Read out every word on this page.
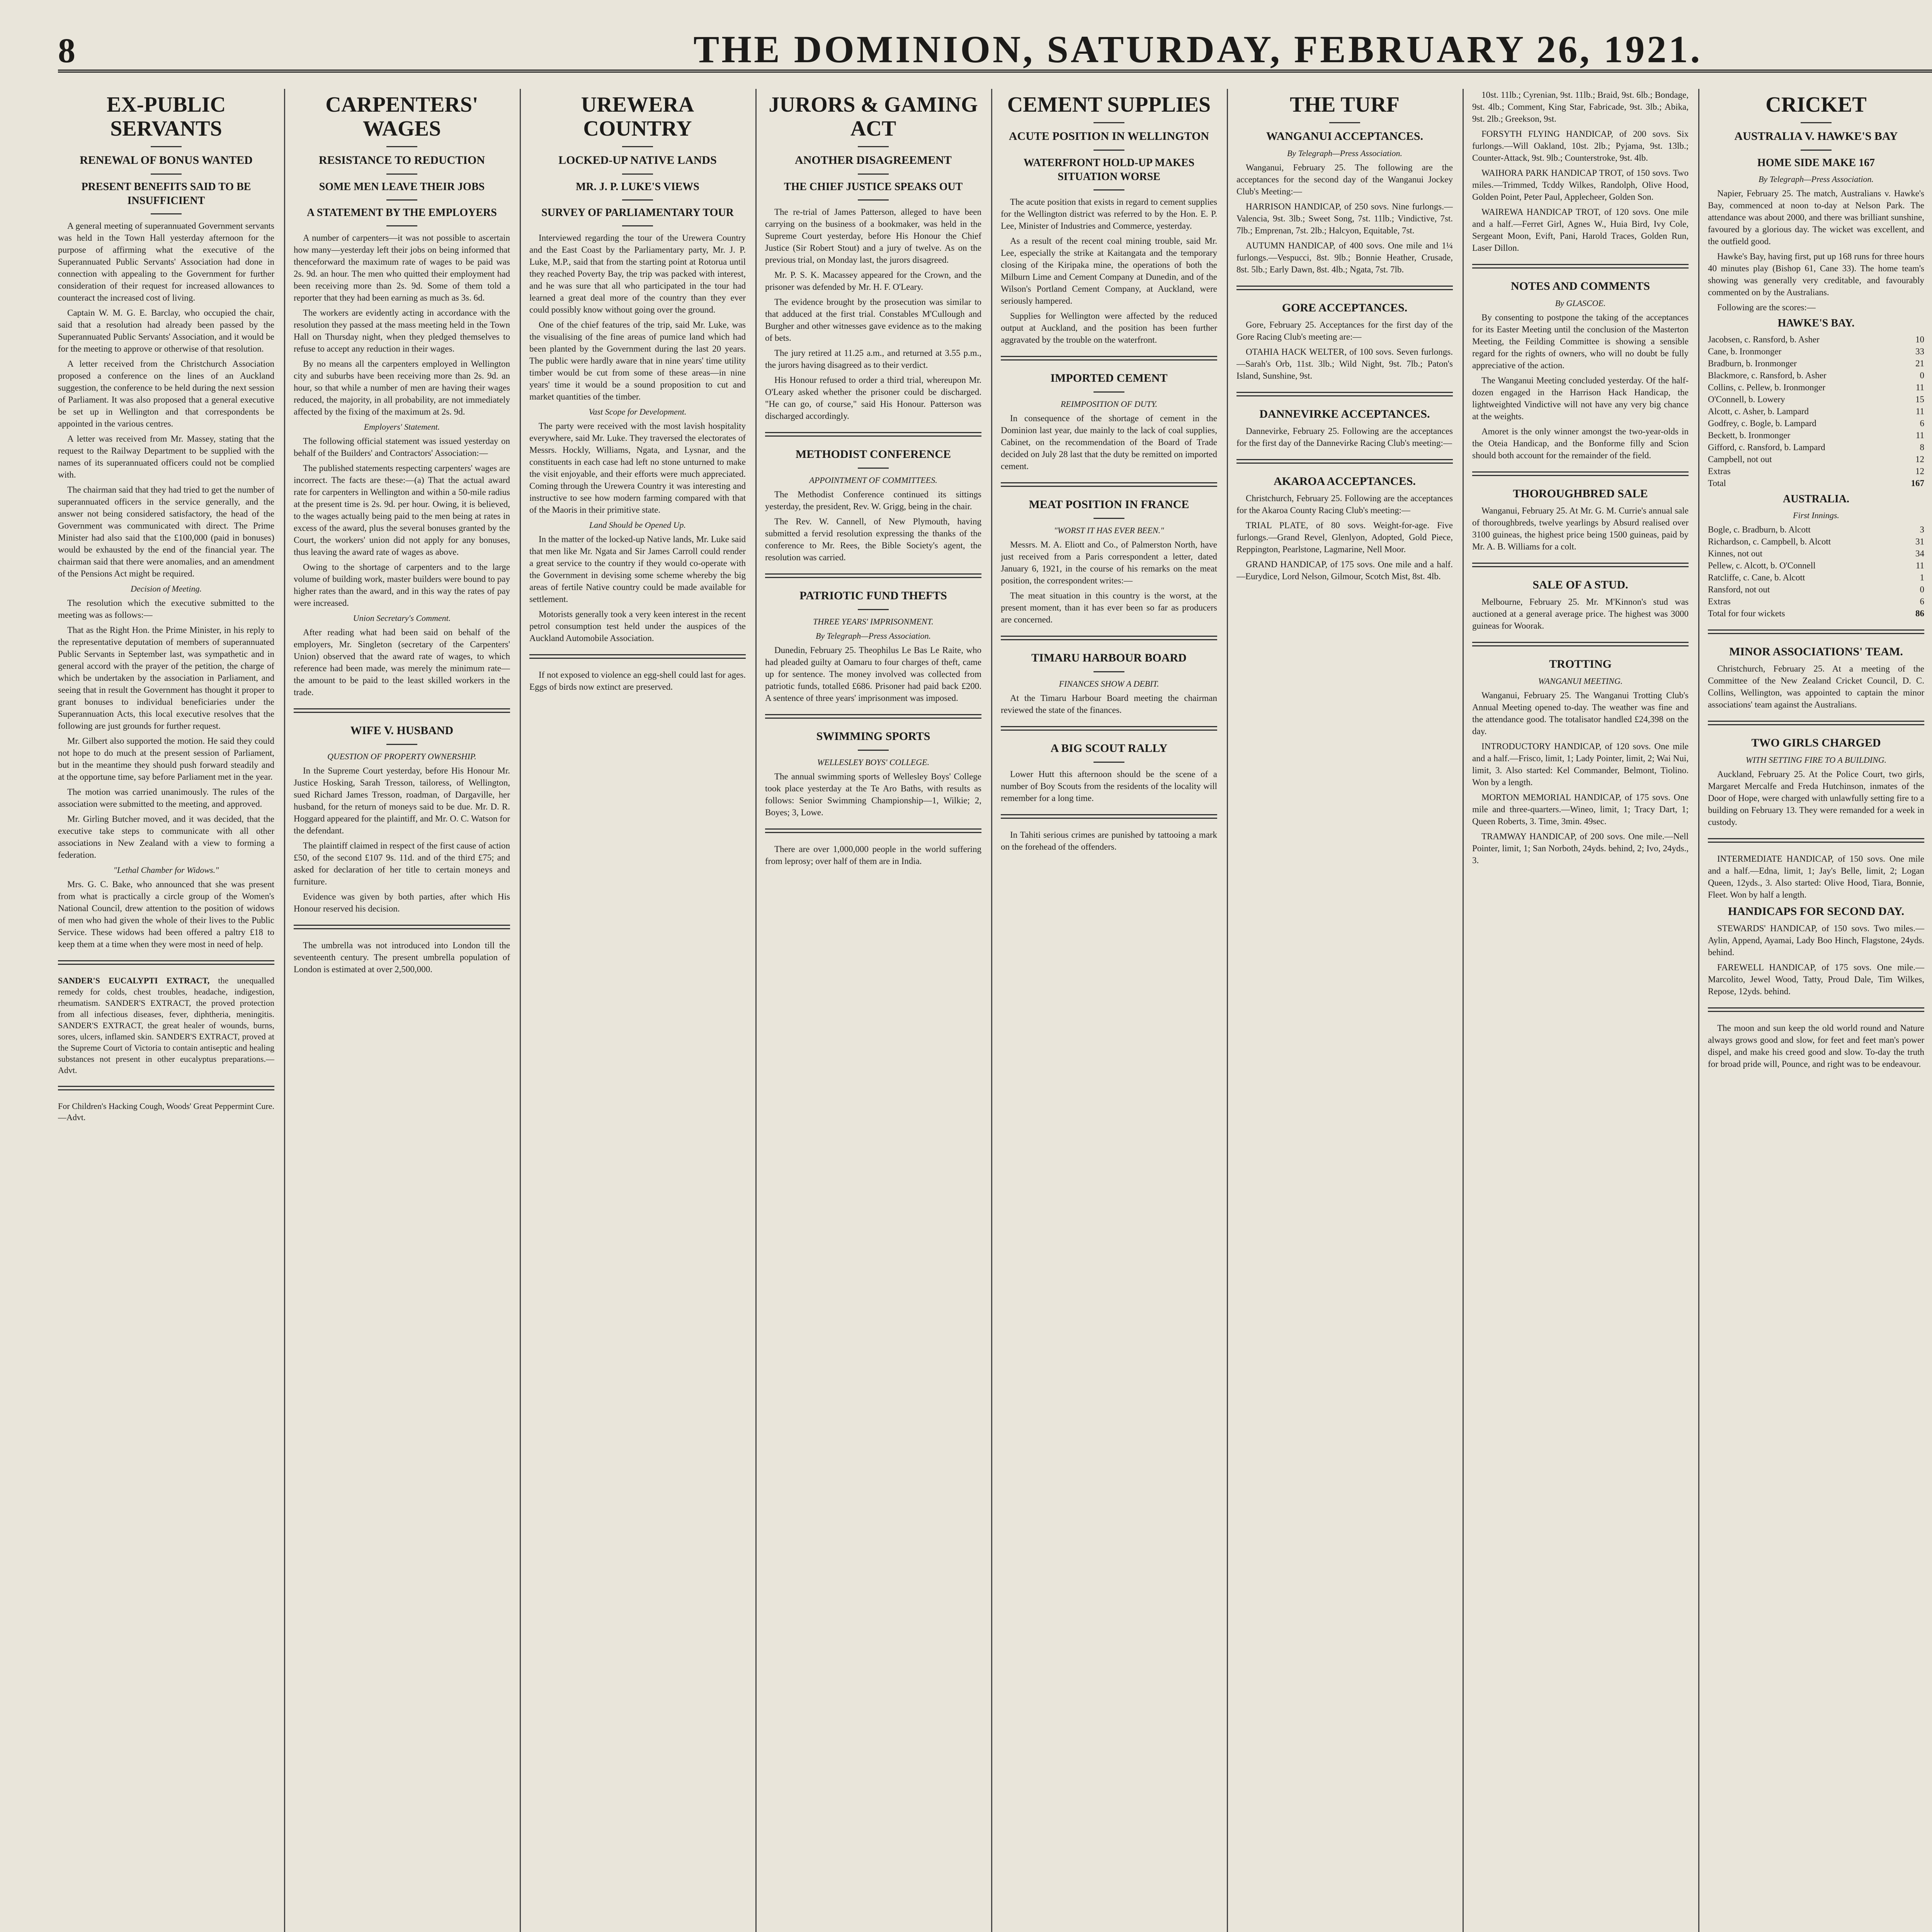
8	THE DOMINION, SATURDAY, FEBRUARY 26, 1921.
EX-PUBLIC SERVANTS
RENEWAL OF BONUS WANTED
PRESENT BENEFITS SAID TO BE INSUFFICIENT

A general meeting of superannuated Government servants was held in the Town Hall yesterday afternoon for the purpose of affirming what the executive of the Superannuated Public Servants' Association had done in connection with appealing to the Government for further consideration of their request for increased allowances to counteract the increased cost of living.

Captain W. M. G. E. Barclay, who occupied the chair, said that a resolution had already been passed by the Superannuated Public Servants' Association, and it would be for the meeting to approve or otherwise of that resolution.

A letter received from the Christchurch Association proposed a conference on the lines of an Auckland suggestion, the conference to be held during the next session of Parliament. It was also proposed that a general executive be set up in Wellington and that correspondents be appointed in the various centres.

A letter was received from Mr. Massey, stating that the request to the Railway Department to be supplied with the names of its superannuated officers could not be complied with.

The chairman said that they had tried to get the number of superannuated officers in the service generally, and the answer not being considered satisfactory, the head of the Government was communicated with direct. The Prime Minister had also said that the £100,000 (paid in bonuses) would be exhausted by the end of the financial year. The chairman said that there were anomalies, and an amendment of the Pensions Act might be required.

Decision of Meeting.

The resolution which the executive submitted to the meeting was as follows:—

That as the Right Hon. the Prime Minister, in his reply to the representative deputation of members of superannuated Public Servants in September last, was sympathetic and in general accord with the prayer of the petition, the charge of which be undertaken by the association in Parliament, and seeing that in result the Government has thought it proper to grant bonuses to individual beneficiaries under the Superannuation Acts, this local executive resolves that the following are just grounds for further request.

Mr. Gilbert also supported the motion. He said they could not hope to do much at the present session of Parliament, but in the meantime they should push forward steadily and at the opportune time, say before Parliament met in the year.

The motion was carried unanimously. The rules of the association were submitted to the meeting, and approved.

Mr. Girling Butcher moved, and it was decided, that the executive take steps to communicate with all other associations in New Zealand with a view to forming a federation.

"Lethal Chamber for Widows."

Mrs. G. C. Bake, who announced that she was present from what is practically a circle group of the Women's National Council, drew attention to the position of widows of men who had given the whole of their lives to the Public Service. These widows had been offered a paltry £18 to keep them at a time when they were most in need of help.

SANDER'S EUCALYPTI EXTRACT, the unequalled remedy for colds, chest troubles, headache, indigestion, rheumatism. SANDER'S EXTRACT, the proved protection from all infectious diseases, fever, diphtheria, meningitis. SANDER'S EXTRACT, the great healer of wounds, burns, sores, ulcers, inflamed skin. SANDER'S EXTRACT, proved at the Supreme Court of Victoria to contain antiseptic and healing substances not present in other eucalyptus preparations.—Advt.
For Children's Hacking Cough, Woods' Great Peppermint Cure.—Advt.
CARPENTERS' WAGES
RESISTANCE TO REDUCTION
SOME MEN LEAVE THEIR JOBS
A STATEMENT BY THE EMPLOYERS

A number of carpenters—it was not possible to ascertain how many—yesterday left their jobs on being informed that thenceforward the maximum rate of wages to be paid was 2s. 9d. an hour. The men who quitted their employment had been receiving more than 2s. 9d. Some of them told a reporter that they had been earning as much as 3s. 6d.

The workers are evidently acting in accordance with the resolution they passed at the mass meeting held in the Town Hall on Thursday night, when they pledged themselves to refuse to accept any reduction in their wages.

By no means all the carpenters employed in Wellington city and suburbs have been receiving more than 2s. 9d. an hour, so that while a number of men are having their wages reduced, the majority, in all probability, are not immediately affected by the fixing of the maximum at 2s. 9d.

Employers' Statement.

The following official statement was issued yesterday on behalf of the Builders' and Contractors' Association:—

The published statements respecting carpenters' wages are incorrect. The facts are these:—(a) That the actual award rate for carpenters in Wellington and within a 50-mile radius at the present time is 2s. 9d. per hour. Owing, it is believed, to the wages actually being paid to the men being at rates in excess of the award, plus the several bonuses granted by the Court, the workers' union did not apply for any bonuses, thus leaving the award rate of wages as above.

Owing to the shortage of carpenters and to the large volume of building work, master builders were bound to pay higher rates than the award, and in this way the rates of pay were increased.

Union Secretary's Comment.

After reading what had been said on behalf of the employers, Mr. Singleton (secretary of the Carpenters' Union) observed that the award rate of wages, to which reference had been made, was merely the minimum rate—the amount to be paid to the least skilled workers in the trade.

WIFE V. HUSBAND
QUESTION OF PROPERTY OWNERSHIP.

In the Supreme Court yesterday, before His Honour Mr. Justice Hosking, Sarah Tresson, tailoress, of Wellington, sued Richard James Tresson, roadman, of Dargaville, her husband, for the return of moneys said to be due. Mr. D. R. Hoggard appeared for the plaintiff, and Mr. O. C. Watson for the defendant.

The plaintiff claimed in respect of the first cause of action £50, of the second £107 9s. 11d. and of the third £75; and asked for declaration of her title to certain moneys and furniture.

Evidence was given by both parties, after which His Honour reserved his decision.

The umbrella was not introduced into London till the seventeenth century. The present umbrella population of London is estimated at over 2,500,000.

UREWERA COUNTRY
LOCKED-UP NATIVE LANDS
MR. J. P. LUKE'S VIEWS
SURVEY OF PARLIAMENTARY TOUR

Interviewed regarding the tour of the Urewera Country and the East Coast by the Parliamentary party, Mr. J. P. Luke, M.P., said that from the starting point at Rotorua until they reached Poverty Bay, the trip was packed with interest, and he was sure that all who participated in the tour had learned a great deal more of the country than they ever could possibly know without going over the ground.

One of the chief features of the trip, said Mr. Luke, was the visualising of the fine areas of pumice land which had been planted by the Government during the last 20 years. The public were hardly aware that in nine years' time utility timber would be cut from some of these areas—in nine years' time it would be a sound proposition to cut and market quantities of the timber.

Vast Scope for Development.

The party were received with the most lavish hospitality everywhere, said Mr. Luke. They traversed the electorates of Messrs. Hockly, Williams, Ngata, and Lysnar, and the constituents in each case had left no stone unturned to make the visit enjoyable, and their efforts were much appreciated. Coming through the Urewera Country it was interesting and instructive to see how modern farming compared with that of the Maoris in their primitive state.

Land Should be Opened Up.

In the matter of the locked-up Native lands, Mr. Luke said that men like Mr. Ngata and Sir James Carroll could render a great service to the country if they would co-operate with the Government in devising some scheme whereby the big areas of fertile Native country could be made available for settlement.

Motorists generally took a very keen interest in the recent petrol consumption test held under the auspices of the Auckland Automobile Association.

If not exposed to violence an egg-shell could last for ages. Eggs of birds now extinct are preserved.

JURORS & GAMING ACT
ANOTHER DISAGREEMENT
THE CHIEF JUSTICE SPEAKS OUT

The re-trial of James Patterson, alleged to have been carrying on the business of a bookmaker, was held in the Supreme Court yesterday, before His Honour the Chief Justice (Sir Robert Stout) and a jury of twelve. As on the previous trial, on Monday last, the jurors disagreed.

Mr. P. S. K. Macassey appeared for the Crown, and the prisoner was defended by Mr. H. F. O'Leary.

The evidence brought by the prosecution was similar to that adduced at the first trial. Constables M'Cullough and Burgher and other witnesses gave evidence as to the making of bets.

The jury retired at 11.25 a.m., and returned at 3.55 p.m., the jurors having disagreed as to their verdict.

His Honour refused to order a third trial, whereupon Mr. O'Leary asked whether the prisoner could be discharged. "He can go, of course," said His Honour. Patterson was discharged accordingly.

METHODIST CONFERENCE
APPOINTMENT OF COMMITTEES.

The Methodist Conference continued its sittings yesterday, the president, Rev. W. Grigg, being in the chair.

The Rev. W. Cannell, of New Plymouth, having submitted a fervid resolution expressing the thanks of the conference to Mr. Rees, the Bible Society's agent, the resolution was carried.

PATRIOTIC FUND THEFTS
THREE YEARS' IMPRISONMENT.
By Telegraph—Press Association.

Dunedin, February 25. Theophilus Le Bas Le Raite, who had pleaded guilty at Oamaru to four charges of theft, came up for sentence. The money involved was collected from patriotic funds, totalled £686. Prisoner had paid back £200. A sentence of three years' imprisonment was imposed.

SWIMMING SPORTS
WELLESLEY BOYS' COLLEGE.

The annual swimming sports of Wellesley Boys' College took place yesterday at the Te Aro Baths, with results as follows: Senior Swimming Championship—1, Wilkie; 2, Boyes; 3, Lowe.

There are over 1,000,000 people in the world suffering from leprosy; over half of them are in India.

CEMENT SUPPLIES
ACUTE POSITION IN WELLINGTON
WATERFRONT HOLD-UP MAKES SITUATION WORSE

The acute position that exists in regard to cement supplies for the Wellington district was referred to by the Hon. E. P. Lee, Minister of Industries and Commerce, yesterday.

As a result of the recent coal mining trouble, said Mr. Lee, especially the strike at Kaitangata and the temporary closing of the Kiripaka mine, the operations of both the Milburn Lime and Cement Company at Dunedin, and of the Wilson's Portland Cement Company, at Auckland, were seriously hampered.

Supplies for Wellington were affected by the reduced output at Auckland, and the position has been further aggravated by the trouble on the waterfront.

IMPORTED CEMENT
REIMPOSITION OF DUTY.

In consequence of the shortage of cement in the Dominion last year, due mainly to the lack of coal supplies, Cabinet, on the recommendation of the Board of Trade decided on July 28 last that the duty be remitted on imported cement.

MEAT POSITION IN FRANCE
"WORST IT HAS EVER BEEN."

Messrs. M. A. Eliott and Co., of Palmerston North, have just received from a Paris correspondent a letter, dated January 6, 1921, in the course of his remarks on the meat position, the correspondent writes:—

The meat situation in this country is the worst, at the present moment, than it has ever been so far as producers are concerned.

TIMARU HARBOUR BOARD
FINANCES SHOW A DEBIT.

At the Timaru Harbour Board meeting the chairman reviewed the state of the finances.

A BIG SCOUT RALLY

Lower Hutt this afternoon should be the scene of a number of Boy Scouts from the residents of the locality will remember for a long time.

In Tahiti serious crimes are punished by tattooing a mark on the forehead of the offenders.

THE TURF
WANGANUI ACCEPTANCES.
By Telegraph—Press Association.

Wanganui, February 25. The following are the acceptances for the second day of the Wanganui Jockey Club's Meeting:—

HARRISON HANDICAP, of 250 sovs. Nine furlongs.—Valencia, 9st. 3lb.; Sweet Song, 7st. 11lb.; Vindictive, 7st. 7lb.; Emprenan, 7st. 2lb.; Halcyon, Equitable, 7st.

AUTUMN HANDICAP, of 400 sovs. One mile and 1¼ furlongs.—Vespucci, 8st. 9lb.; Bonnie Heather, Crusade, 8st. 5lb.; Early Dawn, 8st. 4lb.; Ngata, 7st. 7lb.

GORE ACCEPTANCES.

Gore, February 25. Acceptances for the first day of the Gore Racing Club's meeting are:—

OTAHIA HACK WELTER, of 100 sovs. Seven furlongs.—Sarah's Orb, 11st. 3lb.; Wild Night, 9st. 7lb.; Paton's Island, Sunshine, 9st.

DANNEVIRKE ACCEPTANCES.

Dannevirke, February 25. Following are the acceptances for the first day of the Dannevirke Racing Club's meeting:—

AKAROA ACCEPTANCES.

Christchurch, February 25. Following are the acceptances for the Akaroa County Racing Club's meeting:—

TRIAL PLATE, of 80 sovs. Weight-for-age. Five furlongs.—Grand Revel, Glenlyon, Adopted, Gold Piece, Reppington, Pearlstone, Lagmarine, Nell Moor.

GRAND HANDICAP, of 175 sovs. One mile and a half.—Eurydice, Lord Nelson, Gilmour, Scotch Mist, 8st. 4lb.

10st. 11lb.; Cyrenian, 9st. 11lb.; Braid, 9st. 6lb.; Bondage, 9st. 4lb.; Comment, King Star, Fabricade, 9st. 3lb.; Abika, 9st. 2lb.; Greekson, 9st.

FORSYTH FLYING HANDICAP, of 200 sovs. Six furlongs.—Will Oakland, 10st. 2lb.; Pyjama, 9st. 13lb.; Counter-Attack, 9st. 9lb.; Counterstroke, 9st. 4lb.

WAIHORA PARK HANDICAP TROT, of 150 sovs. Two miles.—Trimmed, Tcddy Wilkes, Randolph, Olive Hood, Golden Point, Peter Paul, Applecheer, Golden Son.

WAIREWA HANDICAP TROT, of 120 sovs. One mile and a half.—Ferret Girl, Agnes W., Huia Bird, Ivy Cole, Sergeant Moon, Evift, Pani, Harold Traces, Golden Run, Laser Dillon.

NOTES AND COMMENTS
By GLASCOE.

By consenting to postpone the taking of the acceptances for its Easter Meeting until the conclusion of the Masterton Meeting, the Feilding Committee is showing a sensible regard for the rights of owners, who will no doubt be fully appreciative of the action.

The Wanganui Meeting concluded yesterday. Of the half-dozen engaged in the Harrison Hack Handicap, the lightweighted Vindictive will not have any very big chance at the weights.

Amoret is the only winner amongst the two-year-olds in the Oteia Handicap, and the Bonforme filly and Scion should both account for the remainder of the field.

THOROUGHBRED SALE

Wanganui, February 25. At Mr. G. M. Currie's annual sale of thoroughbreds, twelve yearlings by Absurd realised over 3100 guineas, the highest price being 1500 guineas, paid by Mr. A. B. Williams for a colt.

SALE OF A STUD.

Melbourne, February 25. Mr. M'Kinnon's stud was auctioned at a general average price. The highest was 3000 guineas for Woorak.

TROTTING
WANGANUI MEETING.

Wanganui, February 25. The Wanganui Trotting Club's Annual Meeting opened to-day. The weather was fine and the attendance good. The totalisator handled £24,398 on the day.

INTRODUCTORY HANDICAP, of 120 sovs. One mile and a half.—Frisco, limit, 1; Lady Pointer, limit, 2; Wai Nui, limit, 3. Also started: Kel Commander, Belmont, Tiolino. Won by a length.

MORTON MEMORIAL HANDICAP, of 175 sovs. One mile and three-quarters.—Wineo, limit, 1; Tracy Dart, 1; Queen Roberts, 3. Time, 3min. 49sec.

TRAMWAY HANDICAP, of 200 sovs. One mile.—Nell Pointer, limit, 1; San Norboth, 24yds. behind, 2; Ivo, 24yds., 3.

CRICKET
AUSTRALIA V. HAWKE'S BAY
HOME SIDE MAKE 167
By Telegraph—Press Association.

Napier, February 25. The match, Australians v. Hawke's Bay, commenced at noon to-day at Nelson Park. The attendance was about 2000, and there was brilliant sunshine, favoured by a glorious day. The wicket was excellent, and the outfield good.

Hawke's Bay, having first, put up 168 runs for three hours 40 minutes play (Bishop 61, Cane 33). The home team's showing was generally very creditable, and favourably commented on by the Australians.

Following are the scores:—

HAWKE'S BAY.
Jacobsen, c. Ransford, b. Asher	10
Cane, b. Ironmonger	33
Bradburn, b. Ironmonger	21
Blackmore, c. Ransford, b. Asher	0
Collins, c. Pellew, b. Ironmonger	11
O'Connell, b. Lowery	15
Alcott, c. Asher, b. Lampard	11
Godfrey, c. Bogle, b. Lampard	6
Beckett, b. Ironmonger	11
Gifford, c. Ransford, b. Lampard	8
Campbell, not out	12
Extras	12
Total	167
AUSTRALIA.
First Innings.
Bogle, c. Bradburn, b. Alcott	3
Richardson, c. Campbell, b. Alcott	31
Kinnes, not out	34
Pellew, c. Alcott, b. O'Connell	11
Ratcliffe, c. Cane, b. Alcott	1
Ransford, not out	0
Extras	6
Total for four wickets	86
MINOR ASSOCIATIONS' TEAM.

Christchurch, February 25. At a meeting of the Committee of the New Zealand Cricket Council, D. C. Collins, Wellington, was appointed to captain the minor associations' team against the Australians.

TWO GIRLS CHARGED
WITH SETTING FIRE TO A BUILDING.

Auckland, February 25. At the Police Court, two girls, Margaret Mercalfe and Freda Hutchinson, inmates of the Door of Hope, were charged with unlawfully setting fire to a building on February 13. They were remanded for a week in custody.

INTERMEDIATE HANDICAP, of 150 sovs. One mile and a half.—Edna, limit, 1; Jay's Belle, limit, 2; Logan Queen, 12yds., 3. Also started: Olive Hood, Tiara, Bonnie, Fleet. Won by half a length.

HANDICAPS FOR SECOND DAY.

STEWARDS' HANDICAP, of 150 sovs. Two miles.—Aylin, Append, Ayamai, Lady Boo Hinch, Flagstone, 24yds. behind.

FAREWELL HANDICAP, of 175 sovs. One mile.—Marcolito, Jewel Wood, Tatty, Proud Dale, Tim Wilkes, Repose, 12yds. behind.

The moon and sun keep the old world round and Nature always grows good and slow, for feet and feet man's power dispel, and make his creed good and slow. To-day the truth for broad pride will, Pounce, and right was to be endeavour.
